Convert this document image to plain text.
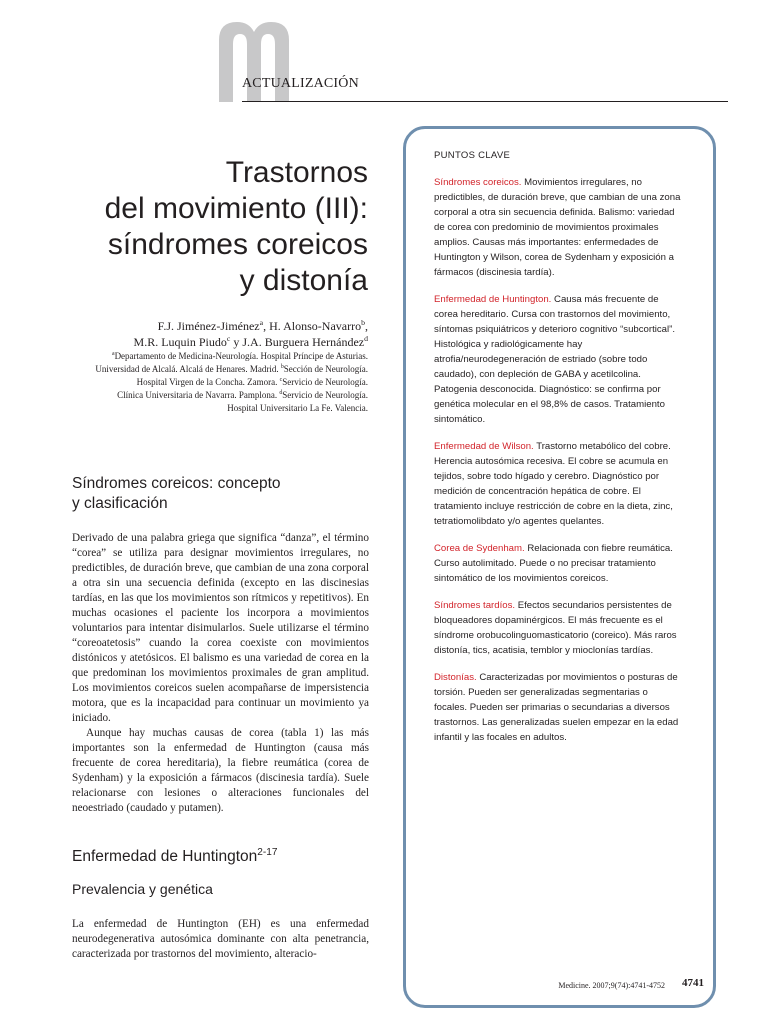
ACTUALIZACIÓN
Trastornos
del movimiento (III):
síndromes coreicos
y distonía
F.J. Jiménez-Jiménez$^a$, H. Alonso-Navarro$^b$,
M.R. Luquin Piudo$^c$ y J.A. Burguera Hernández$^d$
$^a$Departamento de Medicina-Neurología. Hospital Príncipe de Asturias.
Universidad de Alcalá. Alcalá de Henares. Madrid. $^b$Sección de Neurología.
Hospital Virgen de la Concha. Zamora. $^c$Servicio de Neurología.
Clínica Universitaria de Navarra. Pamplona. $^d$Servicio de Neurología.
Hospital Universitario La Fe. Valencia.
Síndromes coreicos: concepto
y clasificación

Derivado de una palabra griega que significa “danza”, el término “corea” se utiliza para designar movimientos irregulares, no predictibles, de duración breve, que cambian de una zona corporal a otra sin una secuencia definida (excepto en las discinesias tardías, en las que los movimientos son rítmicos y repetitivos). En muchas ocasiones el paciente los incorpora a movimientos voluntarios para intentar disimularlos. Suele utilizarse el término “coreoatetosis” cuando la corea coexiste con movimientos distónicos y atetósicos. El balismo es una variedad de corea en la que predominan los movimientos proximales de gran amplitud. Los movimientos coreicos suelen acompañarse de impersistencia motora, que es la incapacidad para continuar un movimiento ya iniciado.

Aunque hay muchas causas de corea (tabla 1) las más importantes son la enfermedad de Huntington (causa más frecuente de corea hereditaria), la fiebre reumática (corea de Sydenham) y la exposición a fármacos (discinesia tardía). Suele relacionarse con lesiones o alteraciones funcionales del neoestriado (caudado y putamen).

Enfermedad de Huntington$^{2-17}$
Prevalencia y genética

La enfermedad de Huntington (EH) es una enfermedad neurodegenerativa autosómica dominante con alta penetrancia, caracterizada por trastornos del movimiento, alteracio-

PUNTOS CLAVE
Síndromes coreicos. Movimientos irregulares, no predictibles, de duración breve, que cambian de una zona corporal a otra sin secuencia definida. Balismo: variedad de corea con predominio de movimientos proximales amplios. Causas más importantes: enfermedades de Huntington y Wilson, corea de Sydenham y exposición a fármacos (discinesia tardía).
Enfermedad de Huntington. Causa más frecuente de corea hereditario. Cursa con trastornos del movimiento, síntomas psiquiátricos y deterioro cognitivo “subcortical”. Histológica y radiológicamente hay atrofia/neurodegeneración de estriado (sobre todo caudado), con depleción de GABA y acetilcolina. Patogenia desconocida. Diagnóstico: se confirma por genética molecular en el 98,8% de casos. Tratamiento sintomático.
Enfermedad de Wilson. Trastorno metabólico del cobre. Herencia autosómica recesiva. El cobre se acumula en tejidos, sobre todo hígado y cerebro. Diagnóstico por medición de concentración hepática de cobre. El tratamiento incluye restricción de cobre en la dieta, zinc, tetratiomolibdato y/o agentes quelantes.
Corea de Sydenham. Relacionada con fiebre reumática. Curso autolimitado. Puede o no precisar tratamiento sintomático de los movimientos coreicos.
Síndromes tardíos. Efectos secundarios persistentes de bloqueadores dopaminérgicos. El más frecuente es el síndrome orobucolinguomasticatorio (coreico). Más raros distonía, tics, acatisia, temblor y mioclonías tardías.
Distonías. Caracterizadas por movimientos o posturas de torsión. Pueden ser generalizadas segmentarias o focales. Pueden ser primarias o secundarias a diversos trastornos. Las generalizadas suelen empezar en la edad infantil y las focales en adultos.
Medicine. 2007;9(74):4741-4752 4741
